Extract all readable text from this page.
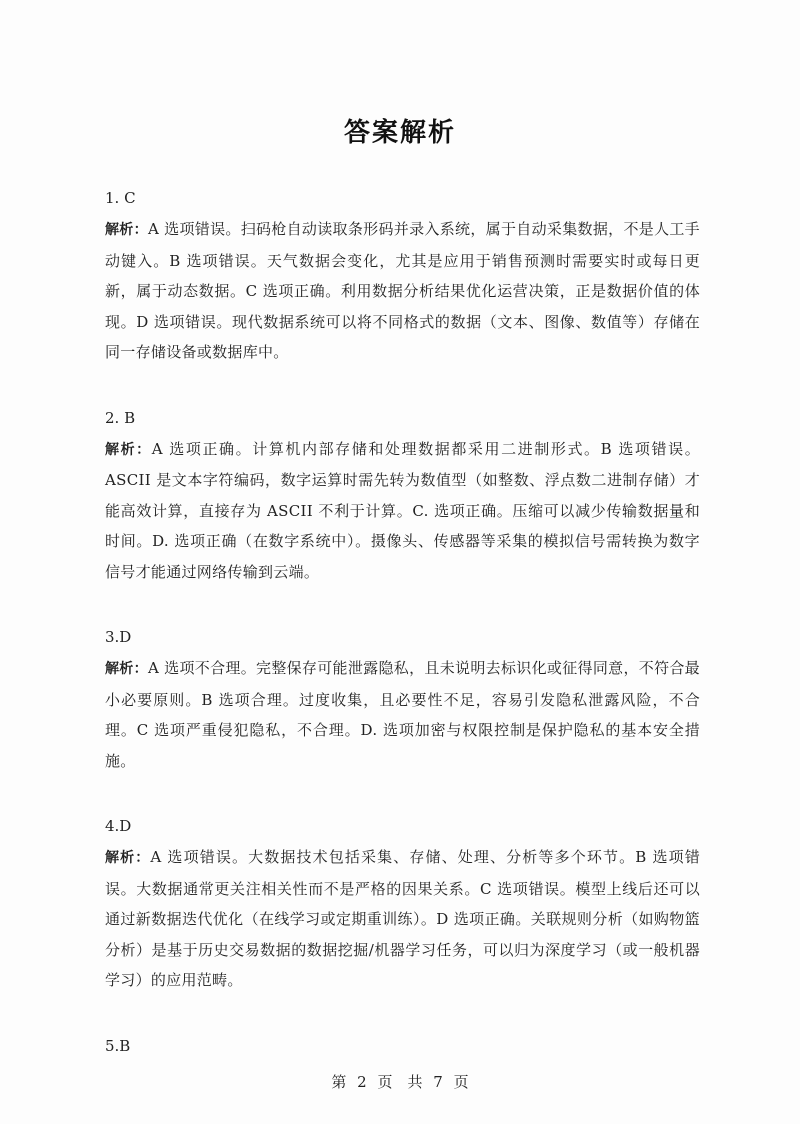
答案解析
1. C
解析：A 选项错误。扫码枪自动读取条形码并录入系统，属于自动采集数据，不是人工手动键入。B 选项错误。天气数据会变化，尤其是应用于销售预测时需要实时或每日更新，属于动态数据。C 选项正确。利用数据分析结果优化运营决策，正是数据价值的体现。D 选项错误。现代数据系统可以将不同格式的数据（文本、图像、数值等）存储在同一存储设备或数据库中。
2. B
解析：A 选项正确。计算机内部存储和处理数据都采用二进制形式。B 选项错误。ASCII 是文本字符编码，数字运算时需先转为数值型（如整数、浮点数二进制存储）才能高效计算，直接存为 ASCII 不利于计算。C. 选项正确。压缩可以减少传输数据量和时间。D. 选项正确（在数字系统中）。摄像头、传感器等采集的模拟信号需转换为数字信号才能通过网络传输到云端。
3.D
解析：A 选项不合理。完整保存可能泄露隐私，且未说明去标识化或征得同意，不符合最小必要原则。B 选项合理。过度收集，且必要性不足，容易引发隐私泄露风险，不合理。C 选项严重侵犯隐私，不合理。D. 选项加密与权限控制是保护隐私的基本安全措施。
4.D
解析：A 选项错误。大数据技术包括采集、存储、处理、分析等多个环节。B 选项错误。大数据通常更关注相关性而不是严格的因果关系。C 选项错误。模型上线后还可以通过新数据迭代优化（在线学习或定期重训练）。D 选项正确。关联规则分析（如购物篮分析）是基于历史交易数据的数据挖掘/机器学习任务，可以归为深度学习（或一般机器学习）的应用范畴。
5.B
第 2 页　共 7 页
